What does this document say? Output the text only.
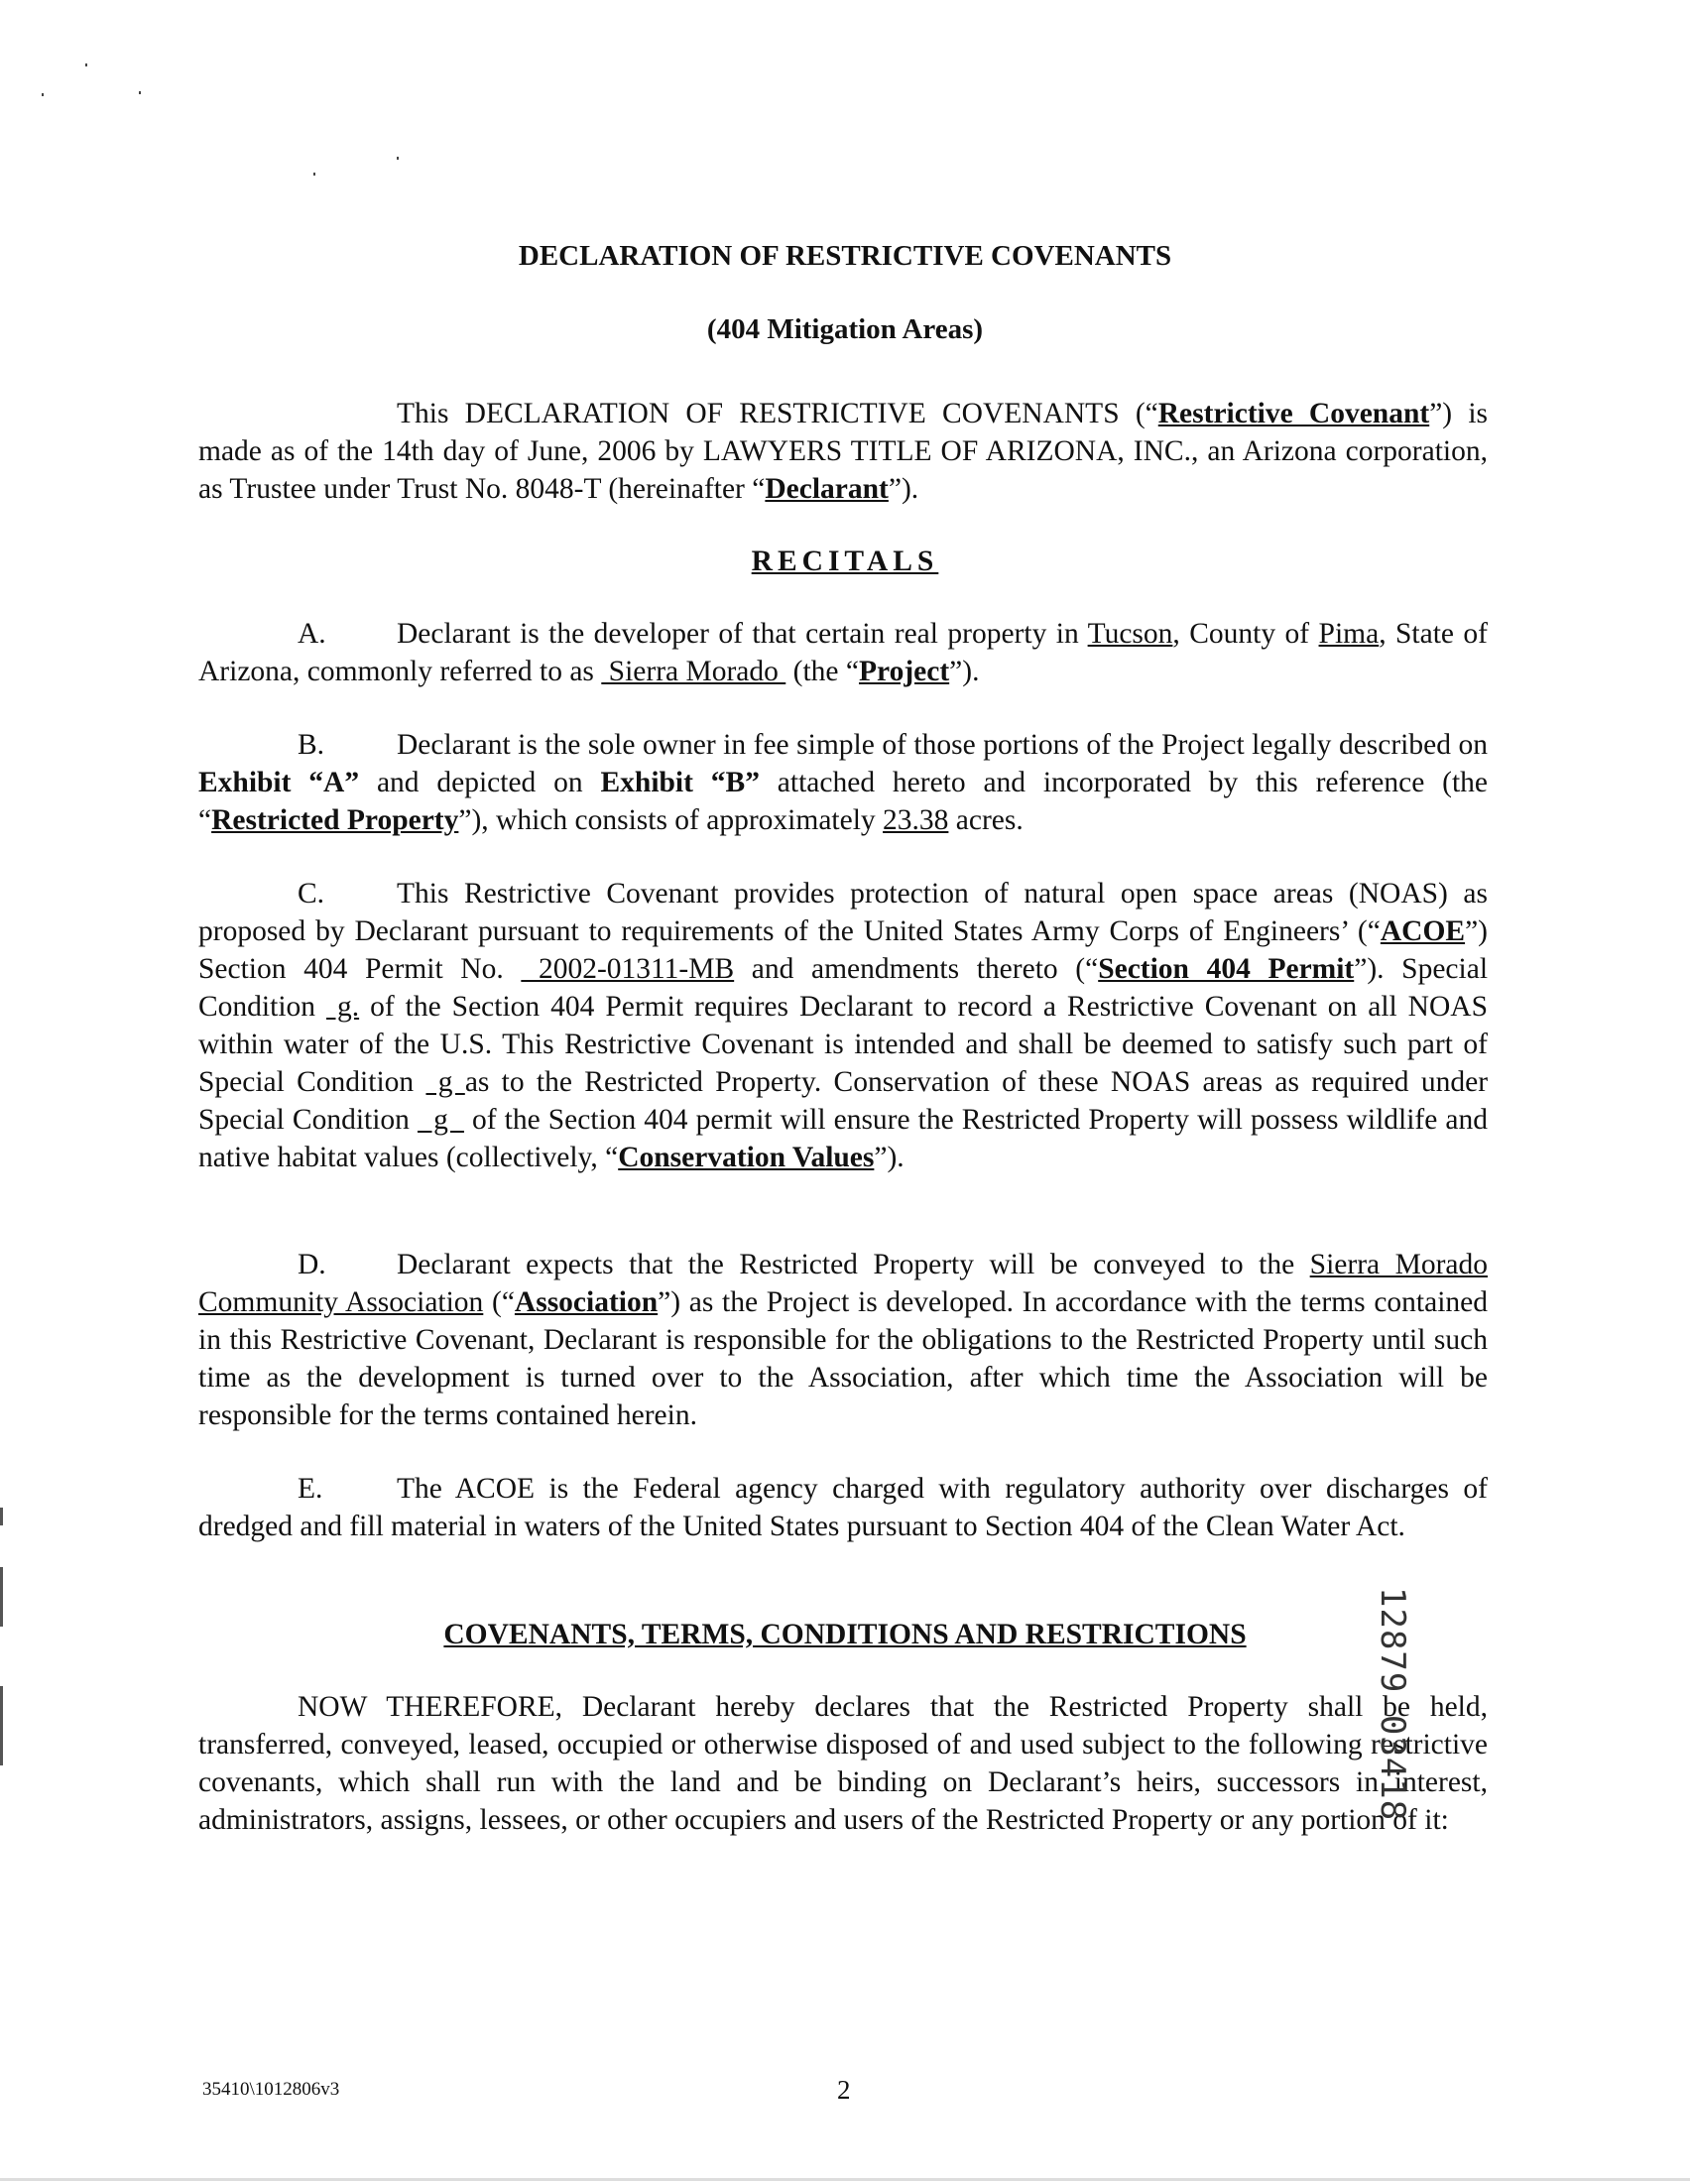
DECLARATION OF RESTRICTIVE COVENANTS
(404 Mitigation Areas)
This DECLARATION OF RESTRICTIVE COVENANTS (“Restrictive Covenant”) is made as of the 14th day of June, 2006 by LAWYERS TITLE OF ARIZONA, INC., an Arizona corporation, as Trustee under Trust No. 8048-T (hereinafter “Declarant”).
RECITALS
A. Declarant is the developer of that certain real property in Tucson, County of Pima, State of Arizona, commonly referred to as  Sierra Morado  (the “Project”).
B. Declarant is the sole owner in fee simple of those portions of the Project legally described on Exhibit “A” and depicted on Exhibit “B” attached hereto and incorporated by this reference (the “Restricted Property”), which consists of approximately 23.38 acres.
C. This Restrictive Covenant provides protection of natural open space areas (NOAS) as proposed by Declarant pursuant to requirements of the United States Army Corps of Engineers’ (“ACOE”) Section 404 Permit No.  2002-01311-MB and amendments thereto (“Section 404 Permit”). Special Condition  g. of the Section 404 Permit requires Declarant to record a Restrictive Covenant on all NOAS within water of the U.S. This Restrictive Covenant is intended and shall be deemed to satisfy such part of Special Condition  g as to the Restricted Property. Conservation of these NOAS areas as required under Special Condition   g   of the Section 404 permit will ensure the Restricted Property will possess wildlife and native habitat values (collectively, “Conservation Values”).
D. Declarant expects that the Restricted Property will be conveyed to the Sierra Morado Community Association (“Association”) as the Project is developed. In accordance with the terms contained in this Restrictive Covenant, Declarant is responsible for the obligations to the Restricted Property until such time as the development is turned over to the Association, after which time the Association will be responsible for the terms contained herein.
E.	The ACOE is the Federal agency charged with regulatory authority over discharges of dredged and fill material in waters of the United States pursuant to Section 404 of the Clean Water Act.
COVENANTS, TERMS, CONDITIONS AND RESTRICTIONS
NOW THEREFORE, Declarant hereby declares that the Restricted Property shall be held, transferred, conveyed, leased, occupied or otherwise disposed of and used subject to the following restrictive covenants, which shall run with the land and be binding on Declarant’s heirs, successors in interest, administrators, assigns, lessees, or other occupiers and users of the Restricted Property or any portion of it:
12879 03418
35410\1012806v3	2
